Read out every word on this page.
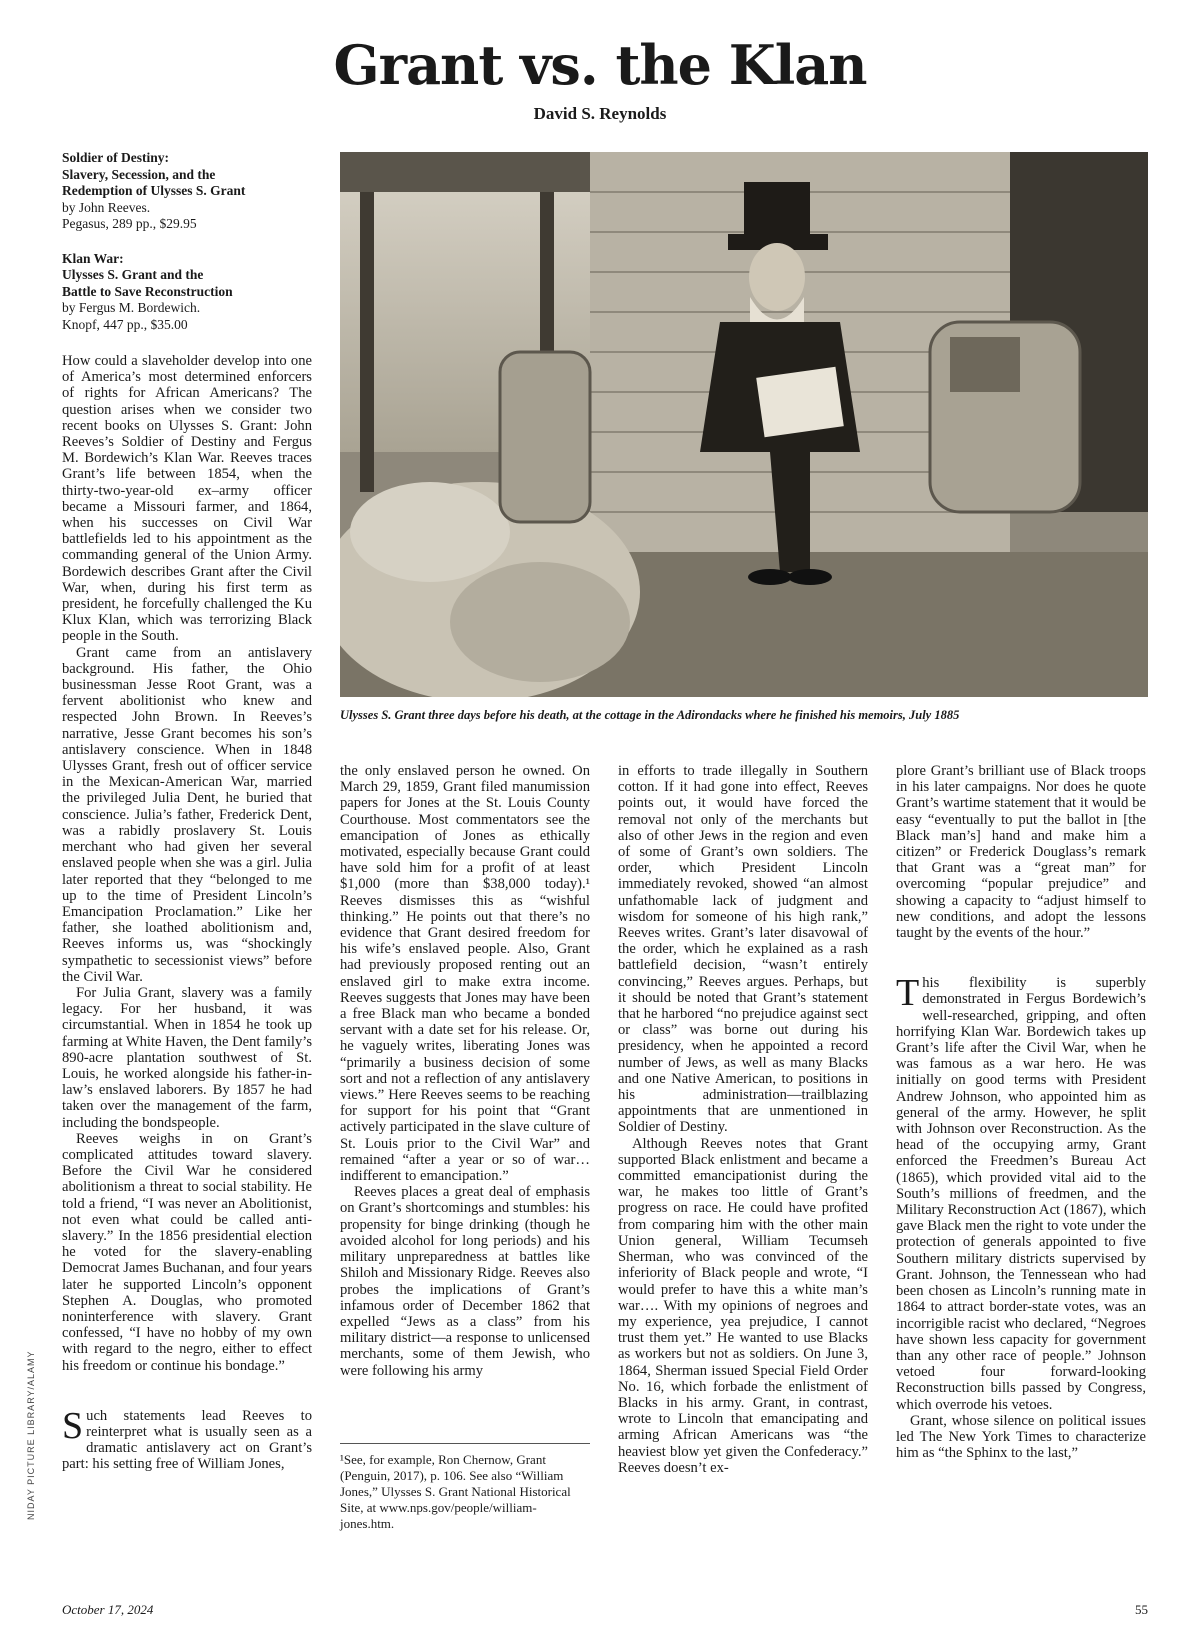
Grant vs. the Klan
David S. Reynolds
Soldier of Destiny:
Slavery, Secession, and the
Redemption of Ulysses S. Grant
by John Reeves.
Pegasus, 289 pp., $29.95
Klan War:
Ulysses S. Grant and the
Battle to Save Reconstruction
by Fergus M. Bordewich.
Knopf, 447 pp., $35.00
Ulysses S. Grant three days before his death, at the cottage in the Adirondacks where he finished his memoirs, July 1885

How could a slaveholder develop into one of America’s most determined enforcers of rights for African Americans? The question arises when we consider two recent books on Ulysses S. Grant: John Reeves’s Soldier of Destiny and Fergus M. Bordewich’s Klan War. Reeves traces Grant’s life between 1854, when the thirty-two-year-old ex–army officer became a Missouri farmer, and 1864, when his successes on Civil War battlefields led to his appointment as the commanding general of the Union Army. Bordewich describes Grant after the Civil War, when, during his first term as president, he forcefully challenged the Ku Klux Klan, which was terrorizing Black people in the South.

Grant came from an antislavery background. His father, the Ohio businessman Jesse Root Grant, was a fervent abolitionist who knew and respected John Brown. In Reeves’s narrative, Jesse Grant becomes his son’s antislavery conscience. When in 1848 Ulysses Grant, fresh out of officer service in the Mexican-American War, married the privileged Julia Dent, he buried that conscience. Julia’s father, Frederick Dent, was a rabidly proslavery St. Louis merchant who had given her several enslaved people when she was a girl. Julia later reported that they “belonged to me up to the time of President Lincoln’s Emancipation Proclamation.” Like her father, she loathed abolitionism and, Reeves informs us, was “shockingly sympathetic to secessionist views” before the Civil War.

For Julia Grant, slavery was a family legacy. For her husband, it was circumstantial. When in 1854 he took up farming at White Haven, the Dent family’s 890-acre plantation southwest of St. Louis, he worked alongside his father-in-law’s enslaved laborers. By 1857 he had taken over the management of the farm, including the bondspeople.

Reeves weighs in on Grant’s complicated attitudes toward slavery. Before the Civil War he considered abolitionism a threat to social stability. He told a friend, “I was never an Abolitionist, not even what could be called anti-slavery.” In the 1856 presidential election he voted for the slavery-enabling Democrat James Buchanan, and four years later he supported Lincoln’s opponent Stephen A. Douglas, who promoted noninterference with slavery. Grant confessed, “I have no hobby of my own with regard to the negro, either to effect his freedom or continue his bondage.”

Such statements lead Reeves to reinterpret what is usually seen as a dramatic antislavery act on Grant’s part: his setting free of William Jones,

the only enslaved person he owned. On March 29, 1859, Grant filed manumission papers for Jones at the St. Louis County Courthouse. Most commentators see the emancipation of Jones as ethically motivated, especially because Grant could have sold him for a profit of at least $1,000 (more than $38,000 today).¹ Reeves dismisses this as “wishful thinking.” He points out that there’s no evidence that Grant desired freedom for his wife’s enslaved people. Also, Grant had previously proposed renting out an enslaved girl to make extra income. Reeves suggests that Jones may have been a free Black man who became a bonded servant with a date set for his release. Or, he vaguely writes, liberating Jones was “primarily a business decision of some sort and not a reflection of any antislavery views.” Here Reeves seems to be reaching for support for his point that “Grant actively participated in the slave culture of St. Louis prior to the Civil War” and remained “after a year or so of war…indifferent to emancipation.”

Reeves places a great deal of emphasis on Grant’s shortcomings and stumbles: his propensity for binge drinking (though he avoided alcohol for long periods) and his military unpreparedness at battles like Shiloh and Missionary Ridge. Reeves also probes the implications of Grant’s infamous order of December 1862 that expelled “Jews as a class” from his military district—a response to unlicensed merchants, some of them Jewish, who were following his army

¹See, for example, Ron Chernow, Grant (Penguin, 2017), p. 106. See also “William Jones,” Ulysses S. Grant National Historical Site, at www.nps.gov/people/william-jones.htm.

in efforts to trade illegally in Southern cotton. If it had gone into effect, Reeves points out, it would have forced the removal not only of the merchants but also of other Jews in the region and even of some of Grant’s own soldiers. The order, which President Lincoln immediately revoked, showed “an almost unfathomable lack of judgment and wisdom for someone of his high rank,” Reeves writes. Grant’s later disavowal of the order, which he explained as a rash battlefield decision, “wasn’t entirely convincing,” Reeves argues. Perhaps, but it should be noted that Grant’s statement that he harbored “no prejudice against sect or class” was borne out during his presidency, when he appointed a record number of Jews, as well as many Blacks and one Native American, to positions in his administration—trailblazing appointments that are unmentioned in Soldier of Destiny.

Although Reeves notes that Grant supported Black enlistment and became a committed emancipationist during the war, he makes too little of Grant’s progress on race. He could have profited from comparing him with the other main Union general, William Tecumseh Sherman, who was convinced of the inferiority of Black people and wrote, “I would prefer to have this a white man’s war…. With my opinions of negroes and my experience, yea prejudice, I cannot trust them yet.” He wanted to use Blacks as workers but not as soldiers. On June 3, 1864, Sherman issued Special Field Order No. 16, which forbade the enlistment of Blacks in his army. Grant, in contrast, wrote to Lincoln that emancipating and arming African Americans was “the heaviest blow yet given the Confederacy.” Reeves doesn’t ex-

plore Grant’s brilliant use of Black troops in his later campaigns. Nor does he quote Grant’s wartime statement that it would be easy “eventually to put the ballot in [the Black man’s] hand and make him a citizen” or Frederick Douglass’s remark that Grant was a “great man” for overcoming “popular prejudice” and showing a capacity to “adjust himself to new conditions, and adopt the lessons taught by the events of the hour.”

This flexibility is superbly demonstrated in Fergus Bordewich’s well-researched, gripping, and often horrifying Klan War. Bordewich takes up Grant’s life after the Civil War, when he was famous as a war hero. He was initially on good terms with President Andrew Johnson, who appointed him as general of the army. However, he split with Johnson over Reconstruction. As the head of the occupying army, Grant enforced the Freedmen’s Bureau Act (1865), which provided vital aid to the South’s millions of freedmen, and the Military Reconstruction Act (1867), which gave Black men the right to vote under the protection of generals appointed to five Southern military districts supervised by Grant. Johnson, the Tennessean who had been chosen as Lincoln’s running mate in 1864 to attract border-state votes, was an incorrigible racist who declared, “Negroes have shown less capacity for government than any other race of people.” Johnson vetoed four forward-looking Reconstruction bills passed by Congress, which overrode his vetoes.

Grant, whose silence on political issues led The New York Times to characterize him as “the Sphinx to the last,”

NIDAY PICTURE LIBRARY/ALAMY
October 17, 2024	55
